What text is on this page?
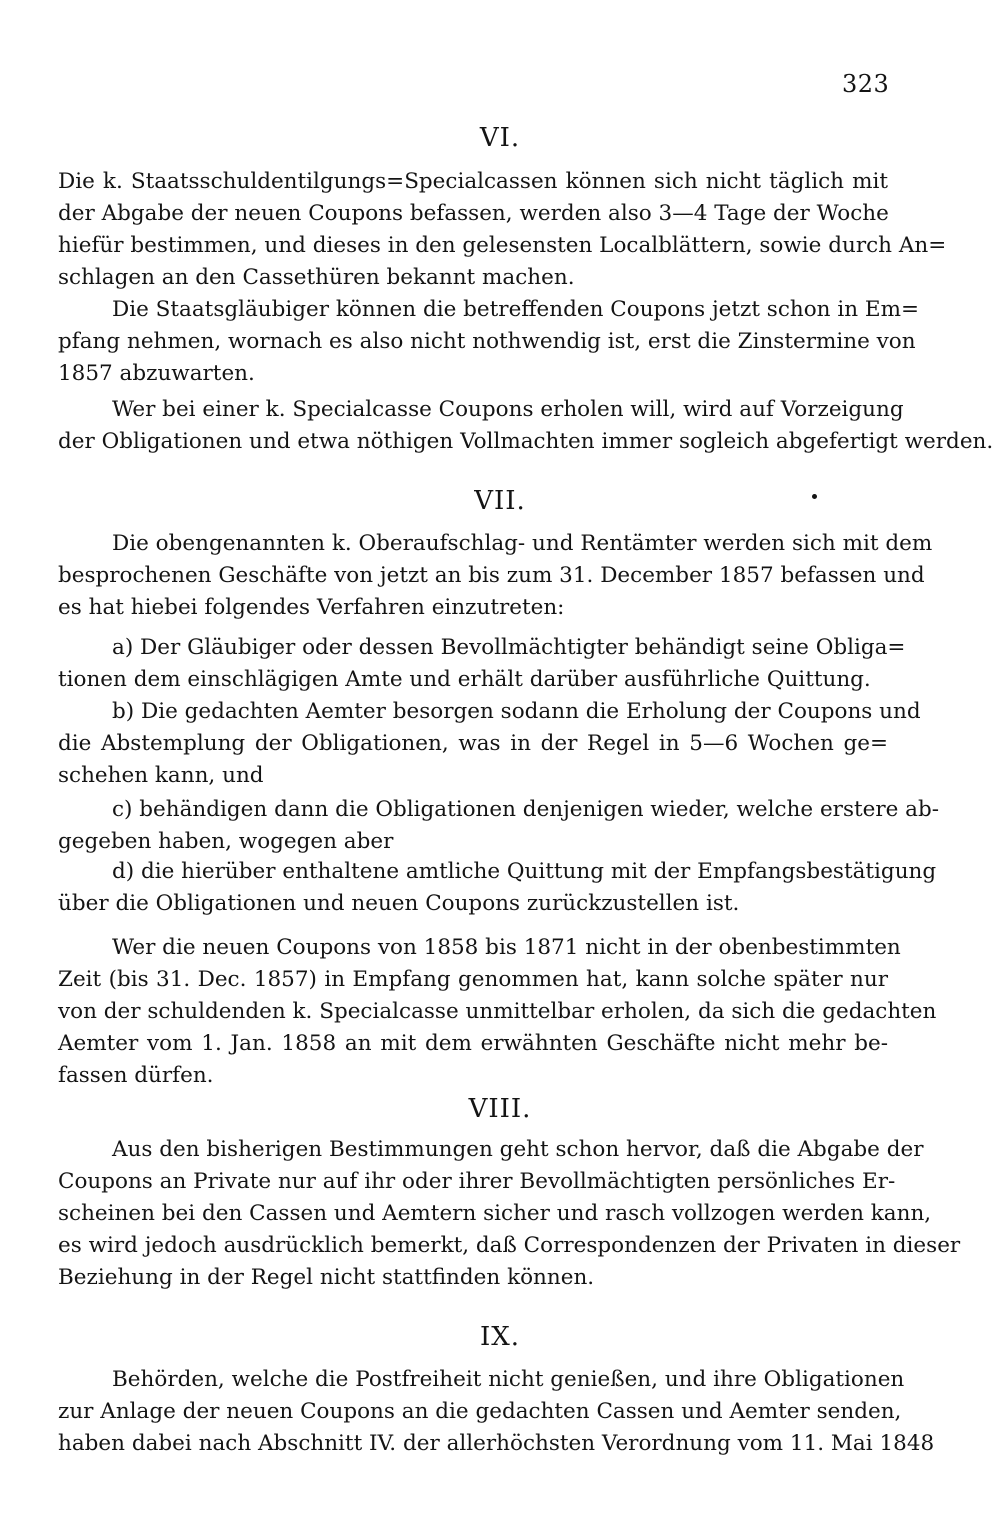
323
VI.
Die k. Staatsschuldentilgungs=Specialcassen können sich nicht täglich mit
der Abgabe der neuen Coupons befassen, werden also 3—4 Tage der Woche
hiefür bestimmen, und dieses in den gelesensten Localblättern, sowie durch An=
schlagen an den Cassethüren bekannt machen.
Die Staatsgläubiger können die betreffenden Coupons jetzt schon in Em=
pfang nehmen, wornach es also nicht nothwendig ist, erst die Zinstermine von
1857 abzuwarten.
Wer bei einer k. Specialcasse Coupons erholen will, wird auf Vorzeigung
der Obligationen und etwa nöthigen Vollmachten immer sogleich abgefertigt werden.
VII.
Die obengenannten k. Oberaufschlag- und Rentämter werden sich mit dem
besprochenen Geschäfte von jetzt an bis zum 31. December 1857 befassen und
es hat hiebei folgendes Verfahren einzutreten:
a) Der Gläubiger oder dessen Bevollmächtigter behändigt seine Obliga=
tionen dem einschlägigen Amte und erhält darüber ausführliche Quittung.
b) Die gedachten Aemter besorgen sodann die Erholung der Coupons und
die Abstemplung der Obligationen, was in der Regel in 5—6 Wochen ge=
schehen kann, und
c) behändigen dann die Obligationen denjenigen wieder, welche erstere ab-
gegeben haben, wogegen aber
d) die hierüber enthaltene amtliche Quittung mit der Empfangsbestätigung
über die Obligationen und neuen Coupons zurückzustellen ist.
Wer die neuen Coupons von 1858 bis 1871 nicht in der obenbestimmten
Zeit (bis 31. Dec. 1857) in Empfang genommen hat, kann solche später nur
von der schuldenden k. Specialcasse unmittelbar erholen, da sich die gedachten
Aemter vom 1. Jan. 1858 an mit dem erwähnten Geschäfte nicht mehr be-
fassen dürfen.
VIII.
Aus den bisherigen Bestimmungen geht schon hervor, daß die Abgabe der
Coupons an Private nur auf ihr oder ihrer Bevollmächtigten persönliches Er-
scheinen bei den Cassen und Aemtern sicher und rasch vollzogen werden kann,
es wird jedoch ausdrücklich bemerkt, daß Correspondenzen der Privaten in dieser
Beziehung in der Regel nicht stattfinden können.
IX.
Behörden, welche die Postfreiheit nicht genießen, und ihre Obligationen
zur Anlage der neuen Coupons an die gedachten Cassen und Aemter senden,
haben dabei nach Abschnitt IV. der allerhöchsten Verordnung vom 11. Mai 1848
